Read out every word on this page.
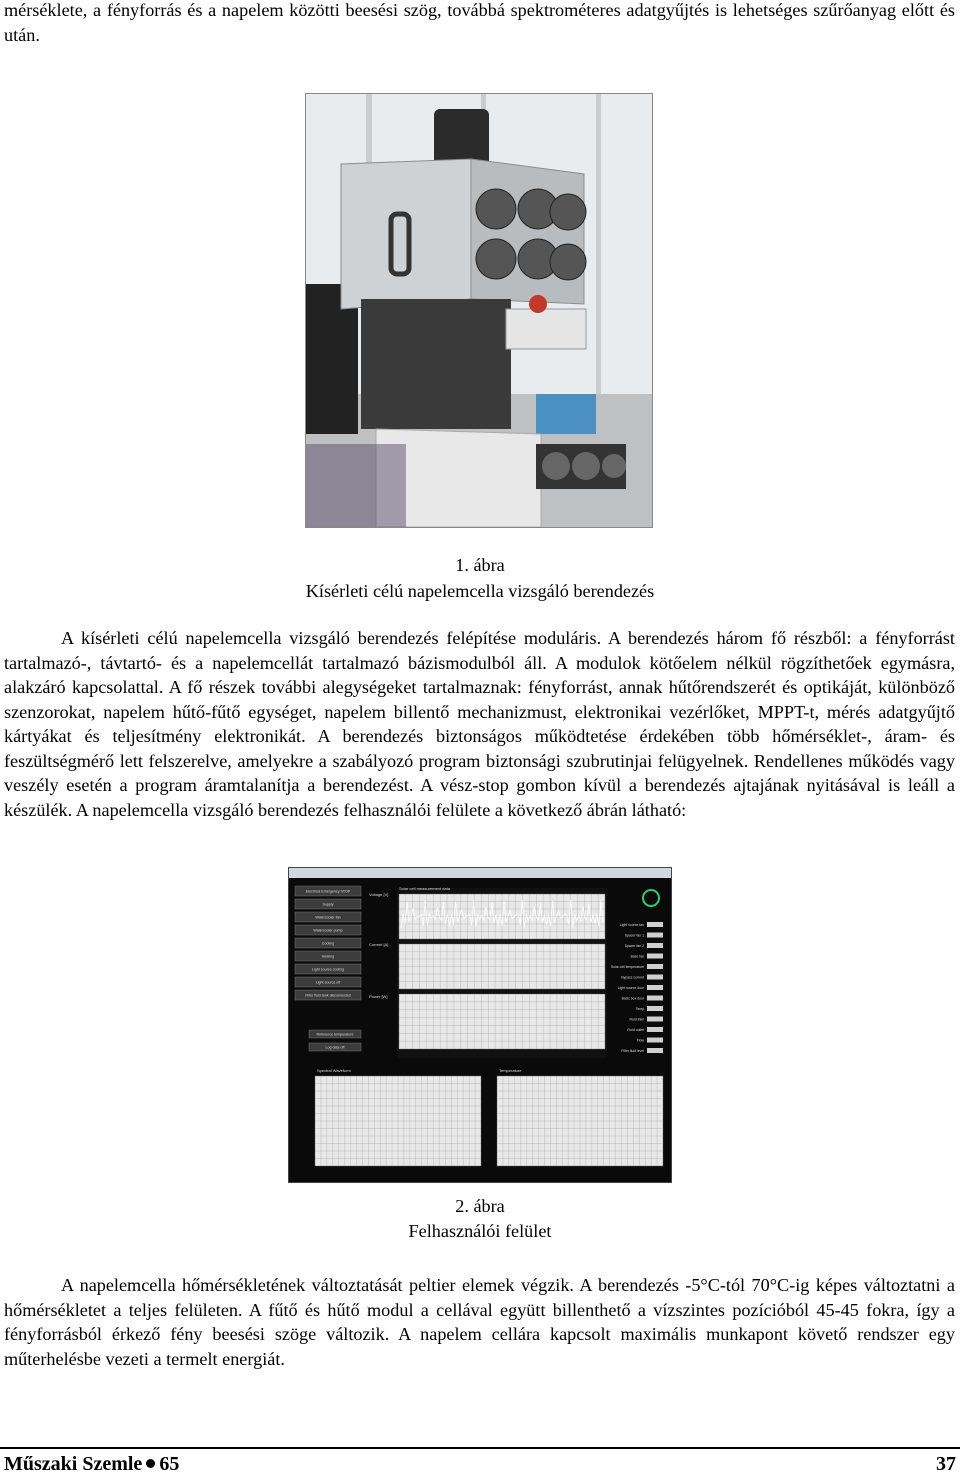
mérséklete, a fényforrás és a napelem közötti beesési szög, továbbá spektrométeres adatgyűjtés is lehetséges szűrőanyag előtt és után.

1. ábra
Kísérleti célú napelemcella vizsgáló berendezés

A kísérleti célú napelemcella vizsgáló berendezés felépítése moduláris. A berendezés három fő részből: a fényforrást tartalmazó-, távtartó- és a napelemcellát tartalmazó bázismodulból áll. A modulok kötőelem nélkül rögzíthetőek egymásra, alakzáró kapcsolattal. A fő részek további alegységeket tartalmaznak: fényforrást, annak hűtőrendszerét és optikáját, különböző szenzorokat, napelem hűtő-fűtő egységet, napelem billentő mechanizmust, elektronikai vezérlőket, MPPT-t, mérés adatgyűjtő kártyákat és teljesítmény elektronikát. A berendezés biztonságos működtetése érdekében több hőmérséklet-, áram- és feszültségmérő lett felszerelve, amelyekre a szabályozó program biztonsági szubrutinjai felügyelnek. Rendellenes működés vagy veszély esetén a program áramtalanítja a berendezést. A vész-stop gombon kívül a berendezés ajtajának nyitásával is leáll a készülék. A napelemcella vizsgáló berendezés felhasználói felülete a következő ábrán látható:

Electrical Emergency STOP
Supply
Watercooler fan
Watercooler pump
Cooling
Heating
Light source cooling
Light source off
Filter fluid tank disconnected
Reference temperature
Log data off
Solar cell measurement data
Voltage [V]
Current [A]
Power [W]
Light source fan
Spacer fan 1
Spacer fan 2
Base fan
Solar cell temperature
Bypass current
Light source door
Basic box door
Temp
Fluid inlet
Fluid outlet
Flow
Filter fluid level
Spectral Waveform	Temperature
2. ábra
Felhasználói felület

A napelemcella hőmérsékletének változtatását peltier elemek végzik. A berendezés -5°C-tól 70°C-ig képes változtatni a hőmérsékletet a teljes felületen. A fűtő és hűtő modul a cellával együtt billenthető a vízszintes pozícióból 45-45 fokra, így a fényforrásból érkező fény beesési szöge változik. A napelem cellára kapcsolt maximális munkapont követő rendszer egy műterhelésbe vezeti a termelt energiát.

Műszaki Szemle 65	37
